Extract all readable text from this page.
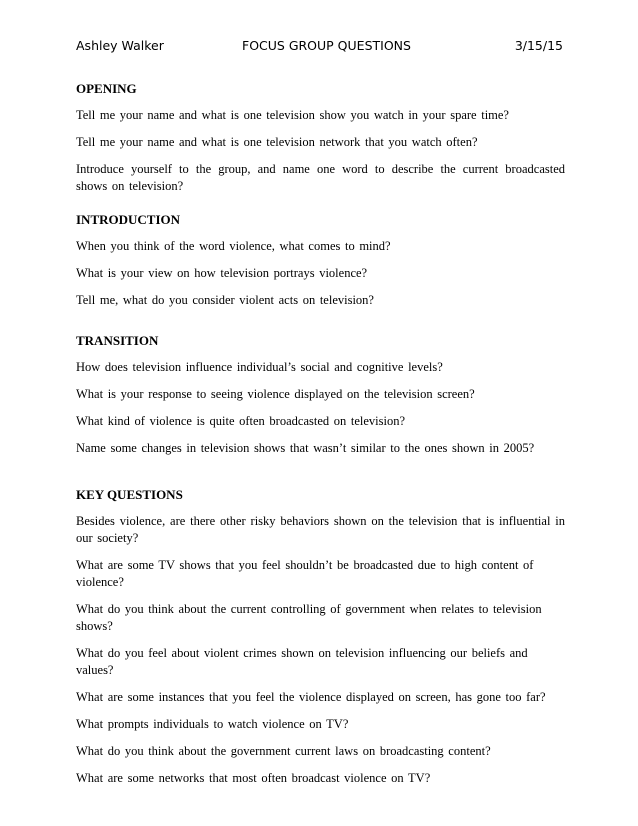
Ashley Walker	FOCUS GROUP QUESTIONS	3/15/15

OPENING

Tell me your name and what is one television show you watch in your spare time?

Tell me your name and what is one television network that you watch often?

Introduce yourself to the group, and name one word to describe the current broadcasted shows on television?

INTRODUCTION

When you think of the word violence, what comes to mind?

What is your view on how television portrays violence?

Tell me, what do you consider violent acts on television?

TRANSITION

How does television influence individual’s social and cognitive levels?

What is your response to seeing violence displayed on the television screen?

What kind of violence is quite often broadcasted on television?

Name some changes in television shows that wasn’t similar to the ones shown in 2005?

KEY QUESTIONS

Besides violence, are there other risky behaviors shown on the television that is influential in our society?

What are some TV shows that you feel shouldn’t be broadcasted due to high content of violence?

What do you think about the current controlling of government when relates to television shows?

What do you feel about violent crimes shown on television influencing our beliefs and values?

What are some instances that you feel the violence displayed on screen, has gone too far?

What prompts individuals to watch violence on TV?

What do you think about the government current laws on broadcasting content?

What are some networks that most often broadcast violence on TV?
